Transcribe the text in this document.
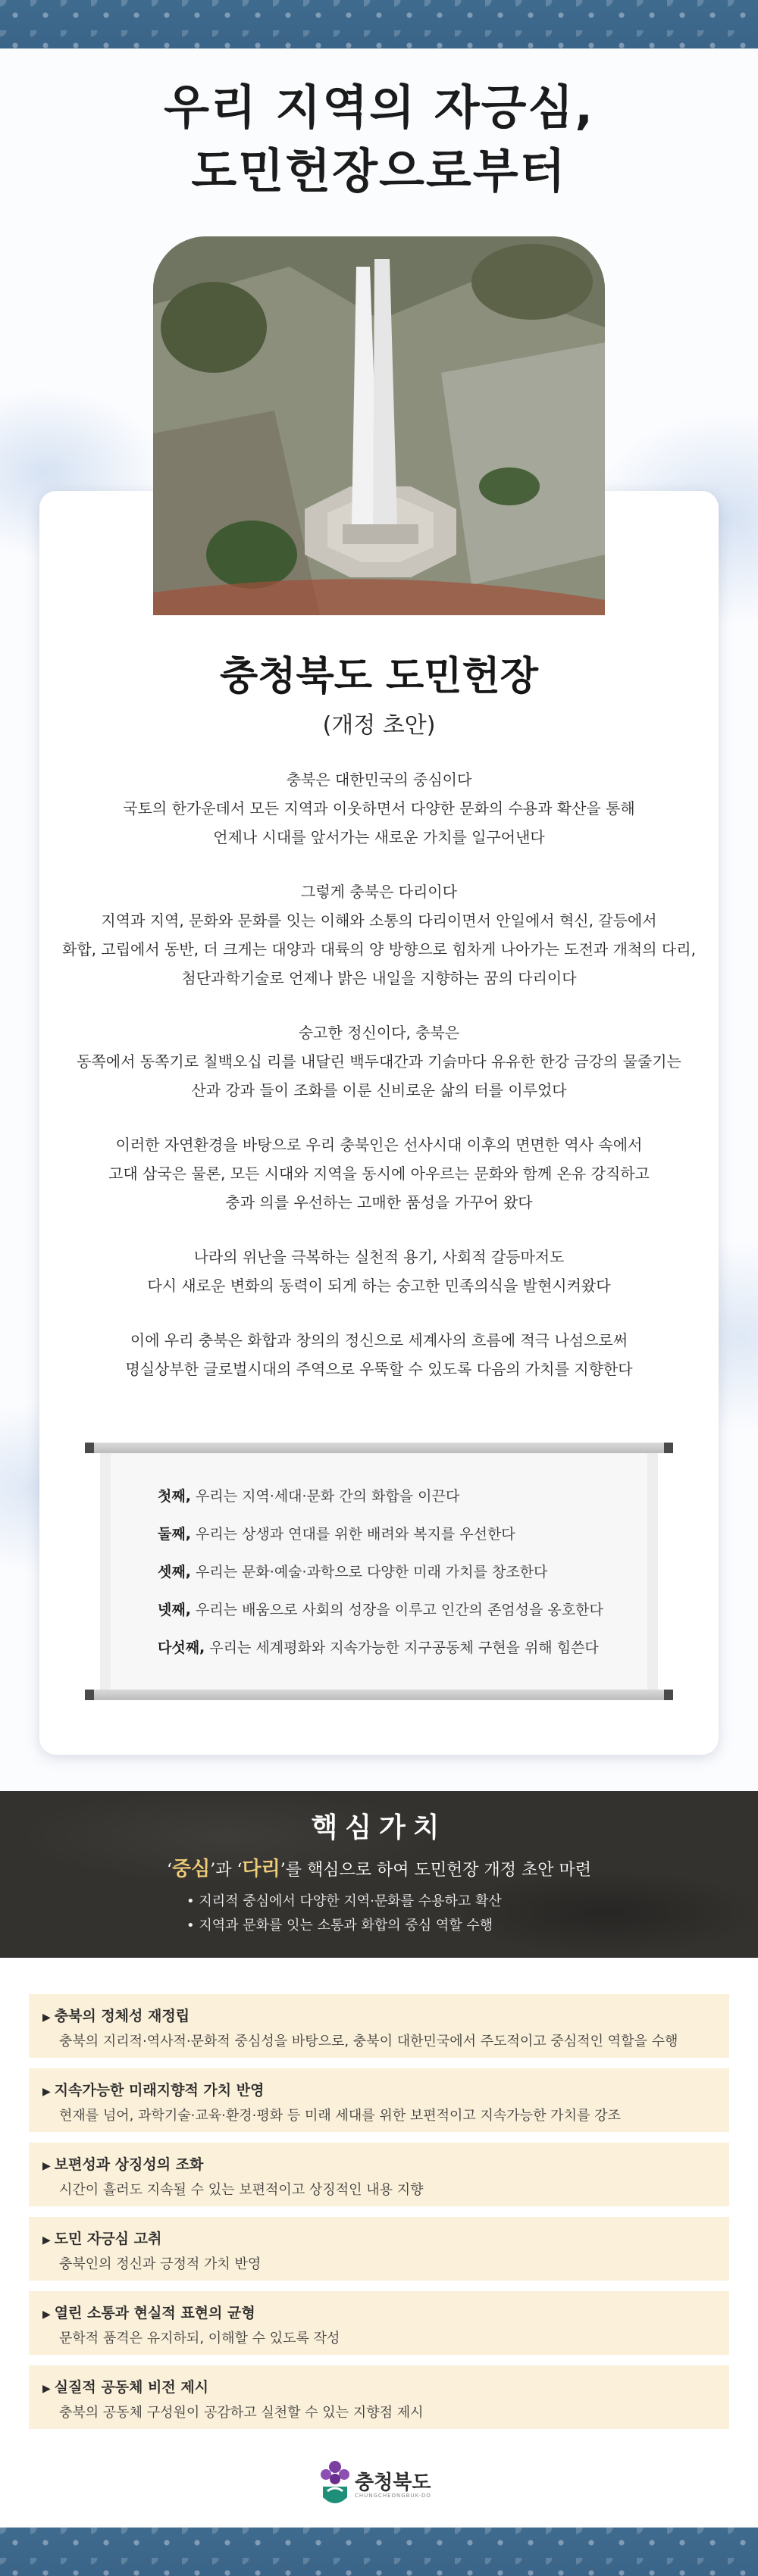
우리 지역의 자긍심,
도민헌장으로부터
충청북도 도민헌장
(개정 초안)

충북은 대한민국의 중심이다
국토의 한가운데서 모든 지역과 이웃하면서 다양한 문화의 수용과 확산을 통해
언제나 시대를 앞서가는 새로운 가치를 일구어낸다

그렇게 충북은 다리이다
지역과 지역, 문화와 문화를 잇는 이해와 소통의 다리이면서 안일에서 혁신, 갈등에서
화합, 고립에서 동반, 더 크게는 대양과 대륙의 양 방향으로 힘차게 나아가는 도전과 개척의 다리,
첨단과학기술로 언제나 밝은 내일을 지향하는 꿈의 다리이다

숭고한 정신이다, 충북은
동쪽에서 동쪽기로 칠백오십 리를 내달린 백두대간과 기슭마다 유유한 한강 금강의 물줄기는
산과 강과 들이 조화를 이룬 신비로운 삶의 터를 이루었다

이러한 자연환경을 바탕으로 우리 충북인은 선사시대 이후의 면면한 역사 속에서
고대 삼국은 물론, 모든 시대와 지역을 동시에 아우르는 문화와 함께 온유 강직하고
충과 의를 우선하는 고매한 품성을 가꾸어 왔다

나라의 위난을 극복하는 실천적 용기, 사회적 갈등마저도
다시 새로운 변화의 동력이 되게 하는 숭고한 민족의식을 발현시켜왔다

이에 우리 충북은 화합과 창의의 정신으로 세계사의 흐름에 적극 나섬으로써
명실상부한 글로벌시대의 주역으로 우뚝할 수 있도록 다음의 가치를 지향한다

첫째, 우리는 지역·세대·문화 간의 화합을 이끈다
둘째, 우리는 상생과 연대를 위한 배려와 복지를 우선한다
셋째, 우리는 문화·예술·과학으로 다양한 미래 가치를 창조한다
넷째, 우리는 배움으로 사회의 성장을 이루고 인간의 존엄성을 옹호한다
다섯째, 우리는 세계평화와 지속가능한 지구공동체 구현을 위해 힘쓴다
핵심가치
‘중심’과 ‘다리’를 핵심으로 하여 도민헌장 개정 초안 마련
• 지리적 중심에서 다양한 지역·문화를 수용하고 확산
• 지역과 문화를 잇는 소통과 화합의 중심 역할 수행
▶ 충북의 정체성 재정립
충북의 지리적·역사적·문화적 중심성을 바탕으로, 충북이 대한민국에서 주도적이고 중심적인 역할을 수행
▶ 지속가능한 미래지향적 가치 반영
현재를 넘어, 과학기술·교육·환경·평화 등 미래 세대를 위한 보편적이고 지속가능한 가치를 강조
▶ 보편성과 상징성의 조화
시간이 흘러도 지속될 수 있는 보편적이고 상징적인 내용 지향
▶ 도민 자긍심 고취
충북인의 정신과 긍정적 가치 반영
▶ 열린 소통과 현실적 표현의 균형
문학적 품격은 유지하되, 이해할 수 있도록 작성
▶ 실질적 공동체 비전 제시
충북의 공동체 구성원이 공감하고 실천할 수 있는 지향점 제시
충청북도
CHUNGCHEONGBUK-DO
